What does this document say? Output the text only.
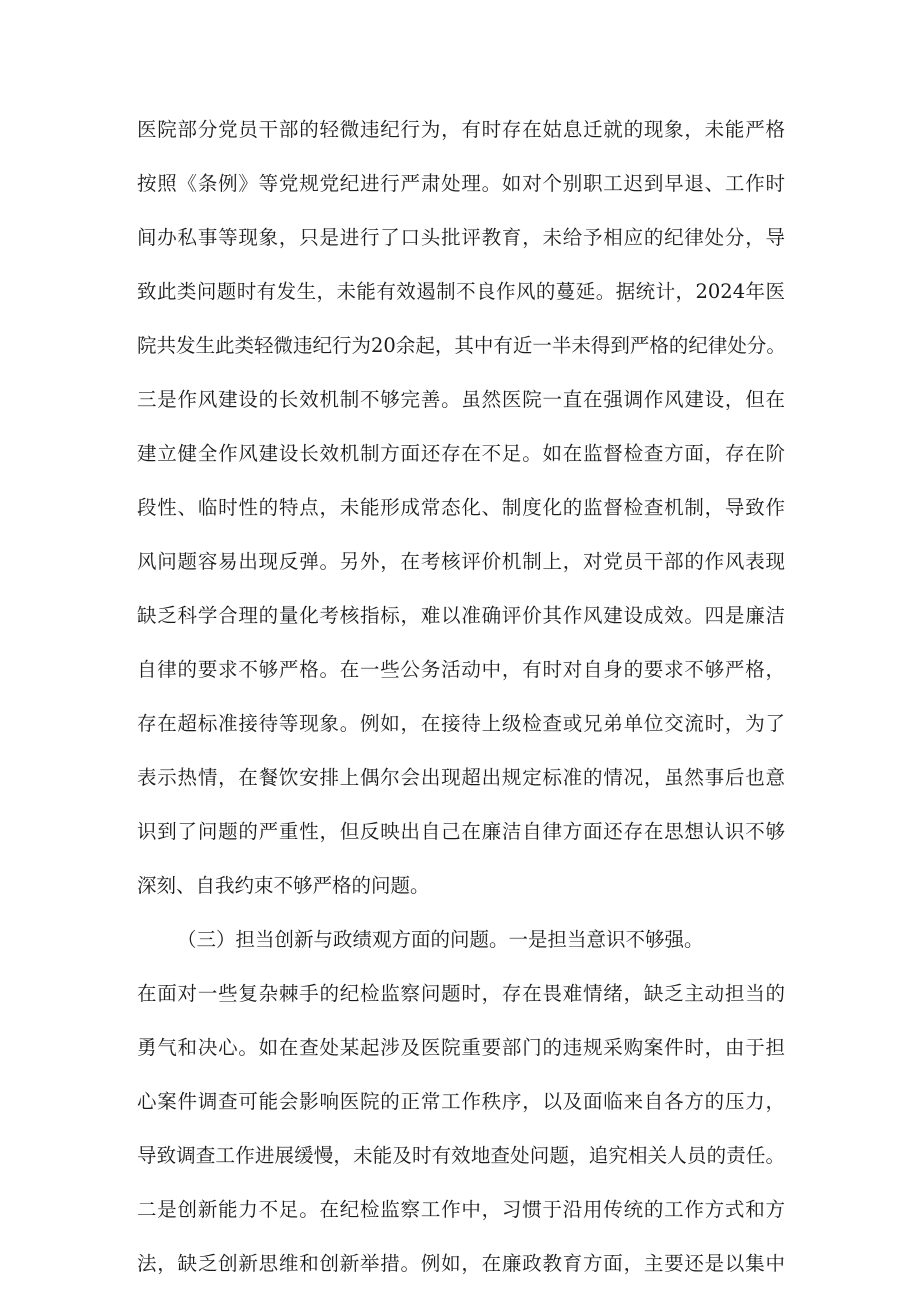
医院部分党员干部的轻微违纪行为，有时存在姑息迁就的现象，未能严格
按照《条例》等党规党纪进行严肃处理。如对个别职工迟到早退、工作时
间办私事等现象，只是进行了口头批评教育，未给予相应的纪律处分，导
致此类问题时有发生，未能有效遏制不良作风的蔓延。据统计，2024年医
院共发生此类轻微违纪行为20余起，其中有近一半未得到严格的纪律处分。
三是作风建设的长效机制不够完善。虽然医院一直在强调作风建设，但在
建立健全作风建设长效机制方面还存在不足。如在监督检查方面，存在阶
段性、临时性的特点，未能形成常态化、制度化的监督检查机制，导致作
风问题容易出现反弹。另外，在考核评价机制上，对党员干部的作风表现
缺乏科学合理的量化考核指标，难以准确评价其作风建设成效。四是廉洁
自律的要求不够严格。在一些公务活动中，有时对自身的要求不够严格，
存在超标准接待等现象。例如，在接待上级检查或兄弟单位交流时，为了
表示热情，在餐饮安排上偶尔会出现超出规定标准的情况，虽然事后也意
识到了问题的严重性，但反映出自己在廉洁自律方面还存在思想认识不够
深刻、自我约束不够严格的问题。
（三）担当创新与政绩观方面的问题。一是担当意识不够强。
在面对一些复杂棘手的纪检监察问题时，存在畏难情绪，缺乏主动担当的
勇气和决心。如在查处某起涉及医院重要部门的违规采购案件时，由于担
心案件调查可能会影响医院的正常工作秩序，以及面临来自各方的压力，
导致调查工作进展缓慢，未能及时有效地查处问题，追究相关人员的责任。
二是创新能力不足。在纪检监察工作中，习惯于沿用传统的工作方式和方
法，缺乏创新思维和创新举措。例如，在廉政教育方面，主要还是以集中
